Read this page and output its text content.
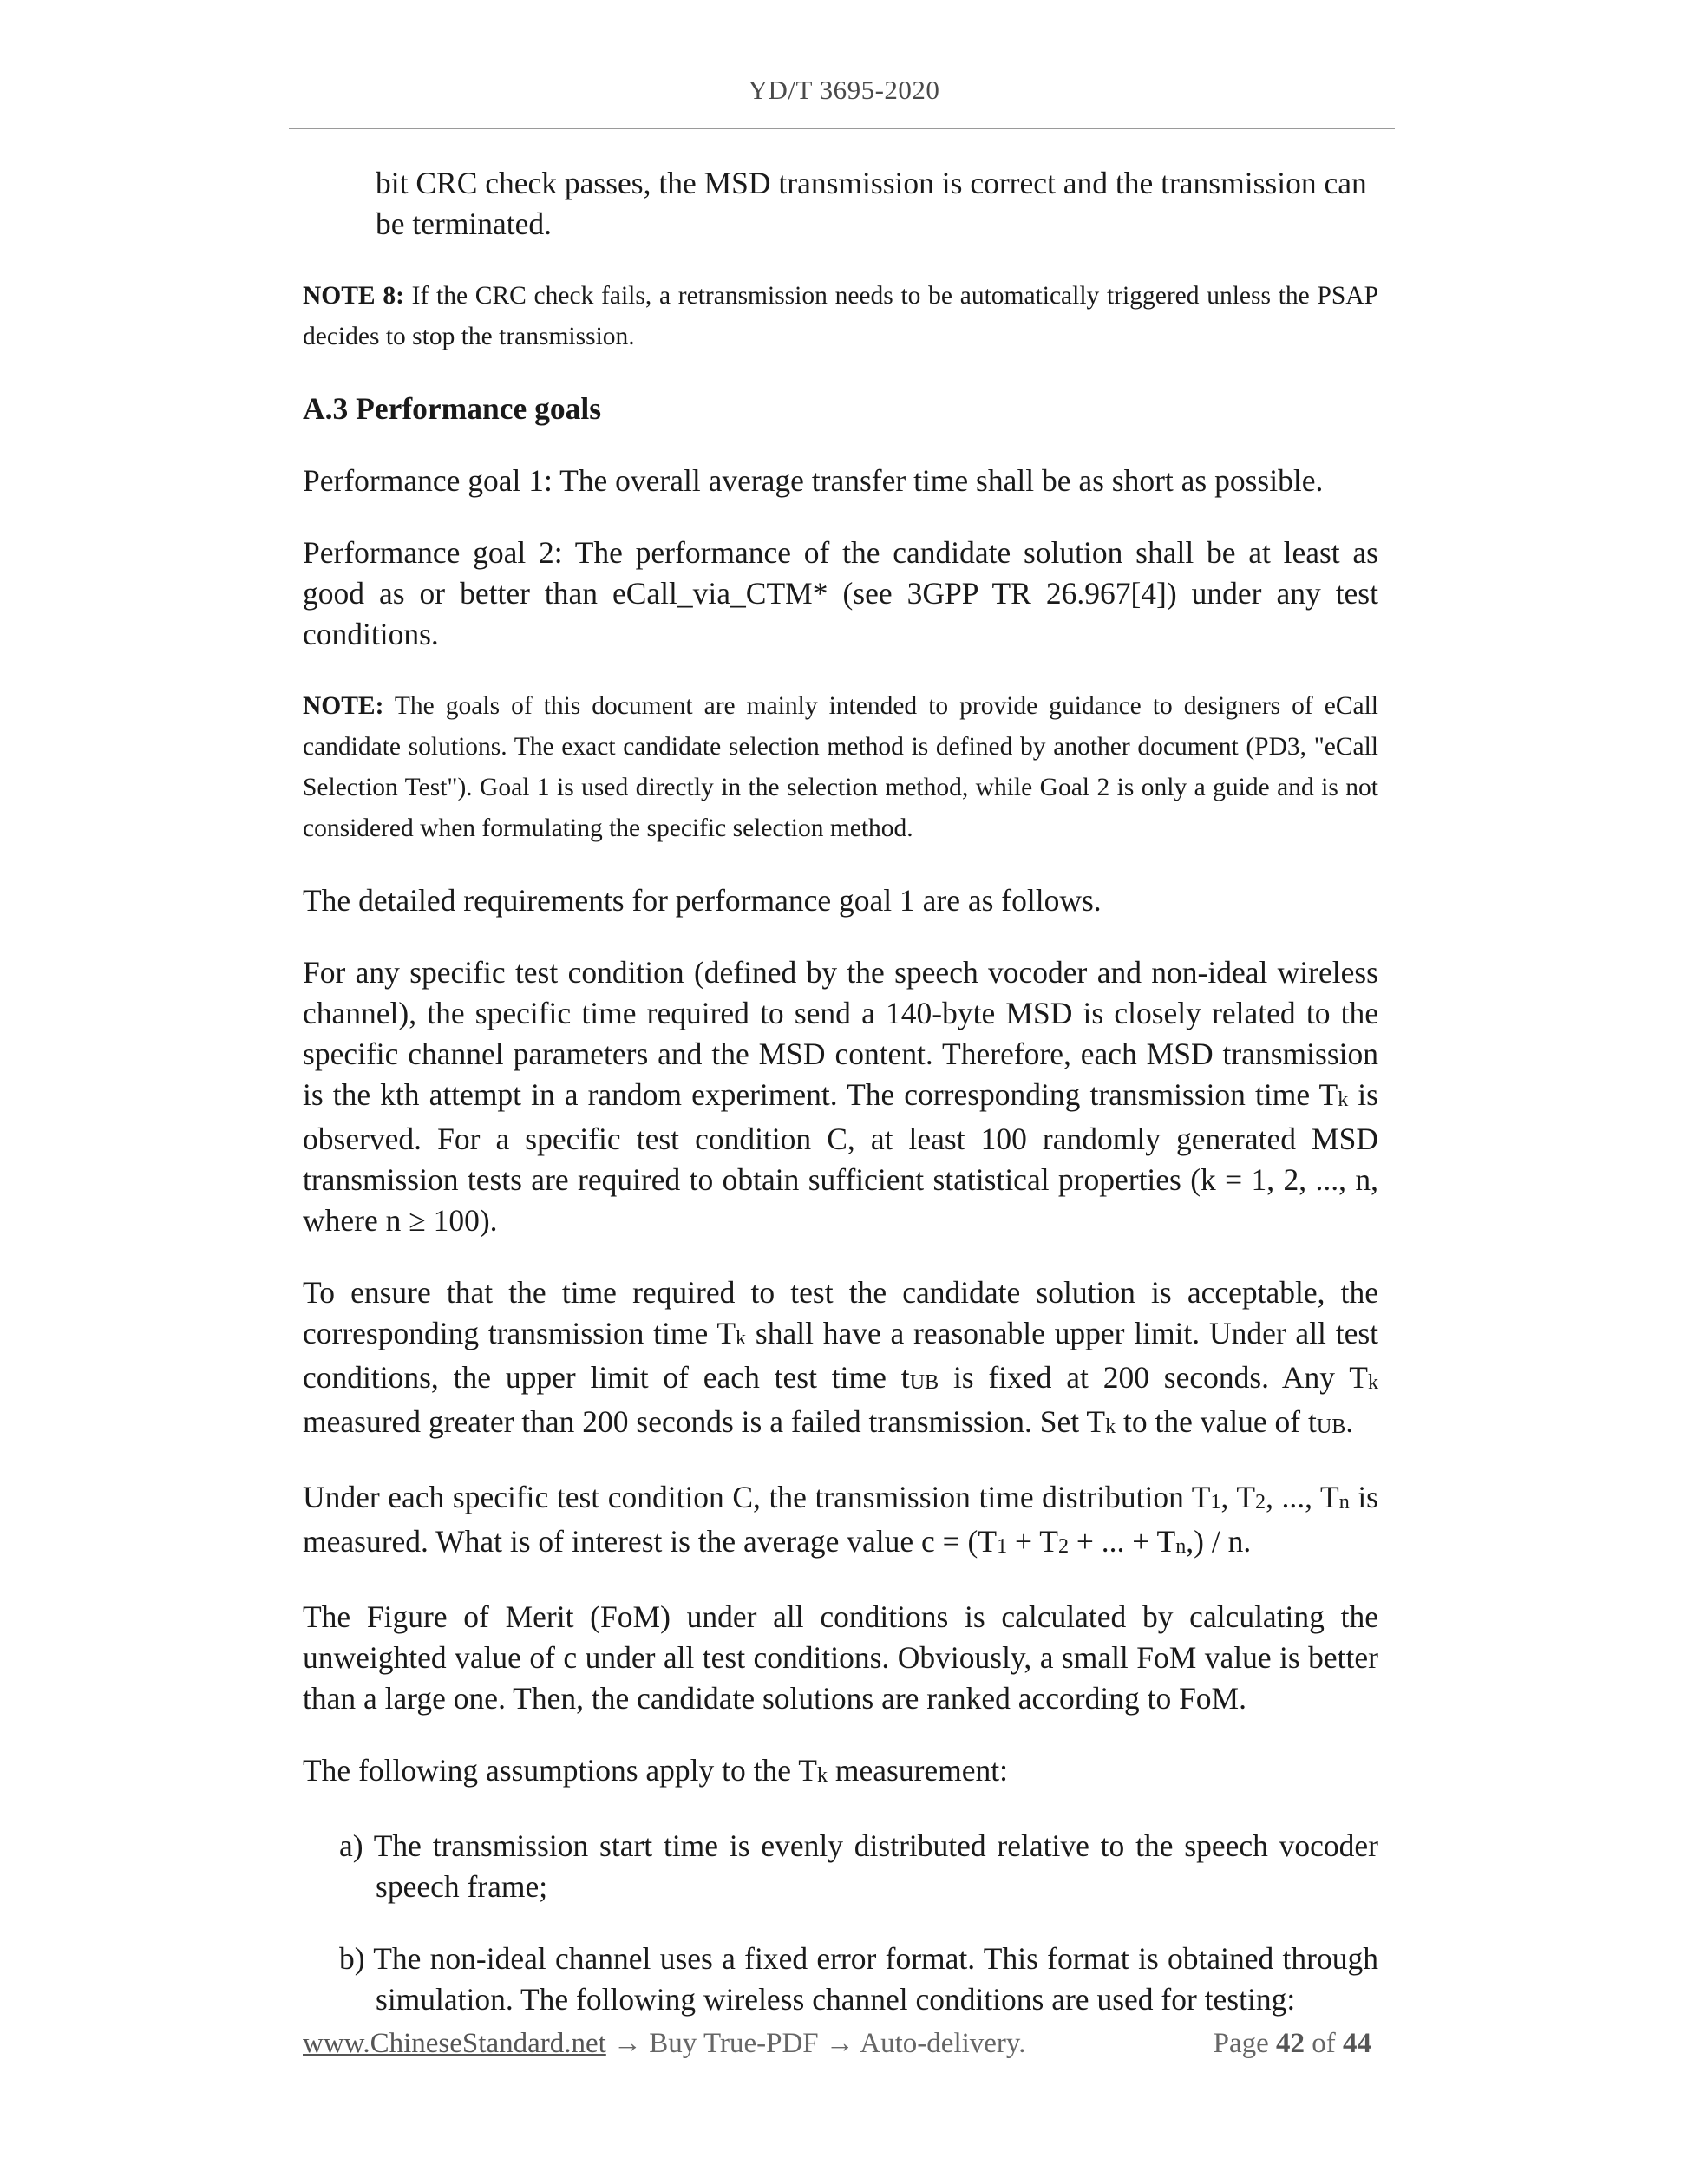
YD/T 3695-2020

bit CRC check passes, the MSD transmission is correct and the transmission can
be terminated.

NOTE 8: If the CRC check fails, a retransmission needs to be automatically triggered unless the PSAP decides to stop the transmission.

A.3 Performance goals

Performance goal 1: The overall average transfer time shall be as short as possible.

Performance goal 2: The performance of the candidate solution shall be at least as good as or better than eCall_via_CTM* (see 3GPP TR 26.967[4]) under any test conditions.

NOTE: The goals of this document are mainly intended to provide guidance to designers of eCall candidate solutions. The exact candidate selection method is defined by another document (PD3, "eCall Selection Test"). Goal 1 is used directly in the selection method, while Goal 2 is only a guide and is not considered when formulating the specific selection method.

The detailed requirements for performance goal 1 are as follows.

For any specific test condition (defined by the speech vocoder and non-ideal wireless channel), the specific time required to send a 140-byte MSD is closely related to the specific channel parameters and the MSD content. Therefore, each MSD transmission is the kth attempt in a random experiment. The corresponding transmission time Tk is observed. For a specific test condition C, at least 100 randomly generated MSD transmission tests are required to obtain sufficient statistical properties (k = 1, 2, ..., n, where n ≥ 100).

To ensure that the time required to test the candidate solution is acceptable, the corresponding transmission time Tk shall have a reasonable upper limit. Under all test conditions, the upper limit of each test time tUB is fixed at 200 seconds. Any Tk measured greater than 200 seconds is a failed transmission. Set Tk to the value of tUB.

Under each specific test condition C, the transmission time distribution T1, T2, ..., Tn is measured. What is of interest is the average value c = (T1 + T2 + ... + Tn,) / n.

The Figure of Merit (FoM) under all conditions is calculated by calculating the unweighted value of c under all test conditions. Obviously, a small FoM value is better than a large one. Then, the candidate solutions are ranked according to FoM.

The following assumptions apply to the Tk measurement:

a) The transmission start time is evenly distributed relative to the speech vocoder speech frame;

b) The non-ideal channel uses a fixed error format. This format is obtained through simulation. The following wireless channel conditions are used for testing:

www.ChineseStandard.net → Buy True-PDF → Auto-delivery.	Page 42 of 44
